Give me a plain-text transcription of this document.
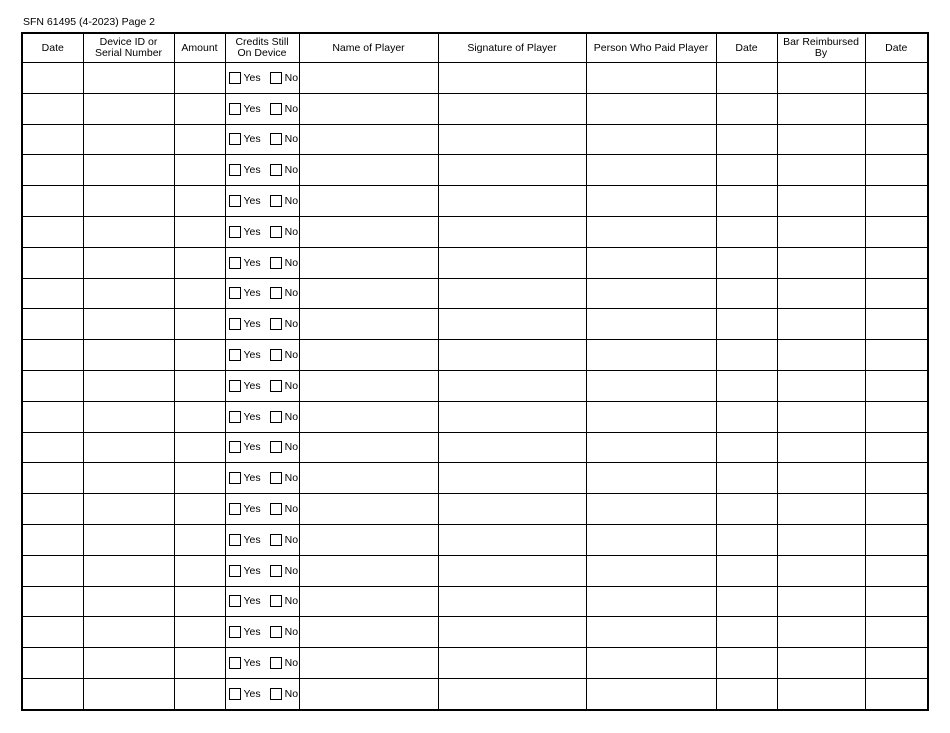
SFN 61495 (4-2023) Page 2
Date	Device ID or Serial Number	Amount	Credits Still On Device	Name of Player	Signature of Player	Person Who Paid Player	Date	Bar Reimbursed By	Date

			Yes No						

			Yes No						

			Yes No						

			Yes No						

			Yes No						

			Yes No						

			Yes No						

			Yes No						

			Yes No						

			Yes No						

			Yes No						

			Yes No						

			Yes No						

			Yes No						

			Yes No						

			Yes No						

			Yes No						

			Yes No						

			Yes No						

			Yes No						

			Yes No						
